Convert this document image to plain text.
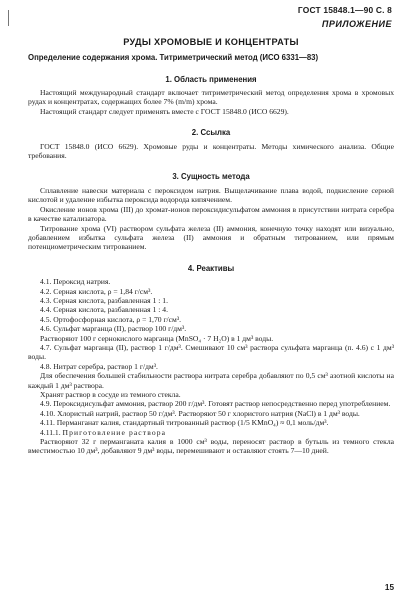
ГОСТ 15848.1—90 С. 8
ПРИЛОЖЕНИЕ
РУДЫ ХРОМОВЫЕ И КОНЦЕНТРАТЫ
Определение содержания хрома. Титриметрический метод (ИСО 6331—83)
1. Область применения

Настоящий международный стандарт включает титриметрический метод определения хрома в хромовых рудах и концентратах, содержащих более 7% (m/m) хрома.

Настоящий стандарт следует применять вместе с ГОСТ 15848.0 (ИСО 6629).

2. Ссылка

ГОСТ 15848.0 (ИСО 6629). Хромовые руды и концентраты. Методы химического анализа. Общие требования.

3. Сущность метода

Сплавление навески материала с пероксидом натрия. Выщелачивание плава водой, подкисление серной кислотой и удаление избытка пероксида водорода кипячением.

Окисление ионов хрома (III) до хромат-ионов пероксидисульфатом аммония в присутствии нитрата серебра в качестве катализатора.

Титрование хрома (VI) раствором сульфата железа (II) аммония, конечную точку находят или визуально, добавлением избытка сульфата железа (II) аммония и обратным титрованием, или прямым потенциометрическим титрованием.

4. Реактивы

4.1. Пероксид натрия.

4.2. Серная кислота, ρ = 1,84 г/см³.

4.3. Серная кислота, разбавленная 1 : 1.

4.4. Серная кислота, разбавленная 1 : 4.

4.5. Ортофосфорная кислота, ρ = 1,70 г/см³.

4.6. Сульфат марганца (II), раствор 100 г/дм³.

Растворяют 100 г сернокислого марганца (MnSO₄ · 7 H₂O) в 1 дм³ воды.

4.7. Сульфат марганца (II), раствор 1 г/дм³. Смешивают 10 см³ раствора сульфата марганца (п. 4.6) с 1 дм³ воды.

4.8. Нитрат серебра, раствор 1 г/дм³.

Для обеспечения большей стабильности раствора нитрата серебра добавляют по 0,5 см³ азотной кислоты на каждый 1 дм³ раствора.

Хранят раствор в сосуде из темного стекла.

4.9. Пероксидисульфат аммония, раствор 200 г/дм³. Готовят раствор непосредственно перед употреблением.

4.10. Хлористый натрий, раствор 50 г/дм³. Растворяют 50 г хлористого натрия (NaCl) в 1 дм³ воды.

4.11. Перманганат калия, стандартный титрованный раствор (1/5 KMnO₄) ≈ 0,1 моль/дм³.

4.11.1. Приготовление раствора

Растворяют 32 г перманганата калия в 1000 см³ воды, переносят раствор в бутыль из темного стекла вместимостью 10 дм³, добавляют 9 дм³ воды, перемешивают и оставляют стоять 7—10 дней.

15
